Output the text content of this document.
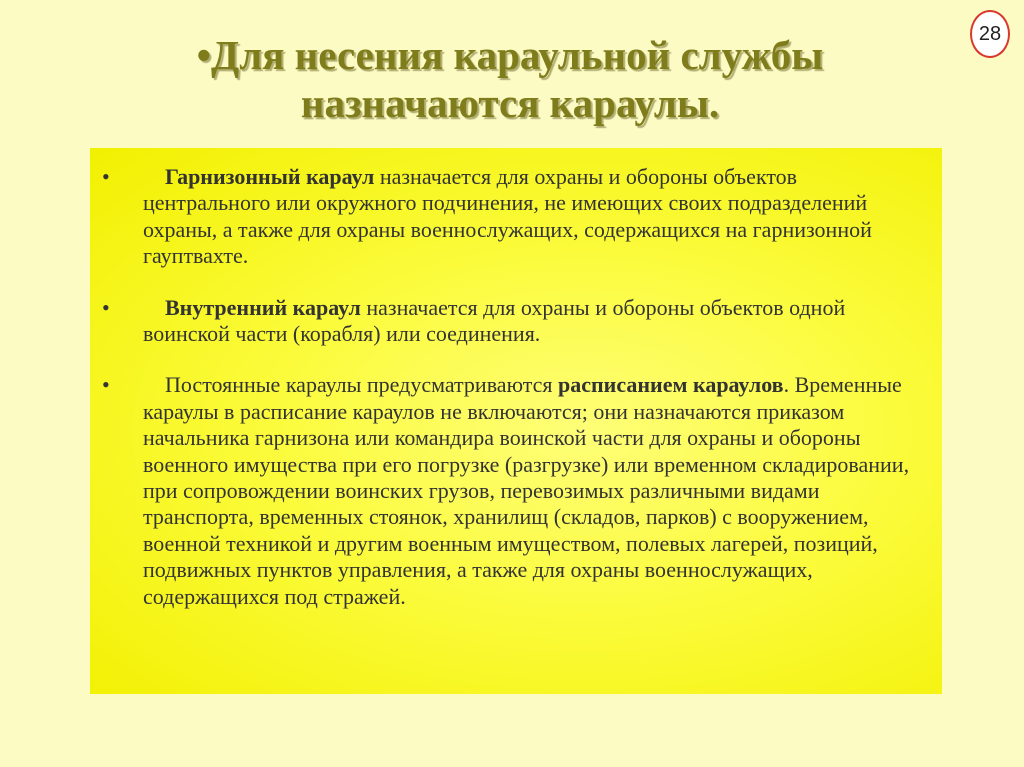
28
•Для несения караульной службы
назначаются караулы.
•	Гарнизонный караул назначается для охраны и обороны объектов центрального или окружного подчинения, не имеющих своих подразделений охраны, а также для охраны военнослужащих, содержащихся на гарнизонной гауптвахте.
•	Внутренний караул назначается для охраны и обороны объектов одной воинской части (корабля) или соединения.
•	Постоянные караулы предусматриваются расписанием караулов. Временные караулы в расписание караулов не включаются; они назначаются приказом начальника гарнизона или командира воинской части для охраны и обороны военного имущества при его погрузке (разгрузке) или временном складировании, при сопровождении воинских грузов, перевозимых различными видами транспорта, временных стоянок, хранилищ (складов, парков) с вооружением, военной техникой и другим военным имуществом, полевых лагерей, позиций, подвижных пунктов управления, а также для охраны военнослужащих, содержащихся под стражей.
